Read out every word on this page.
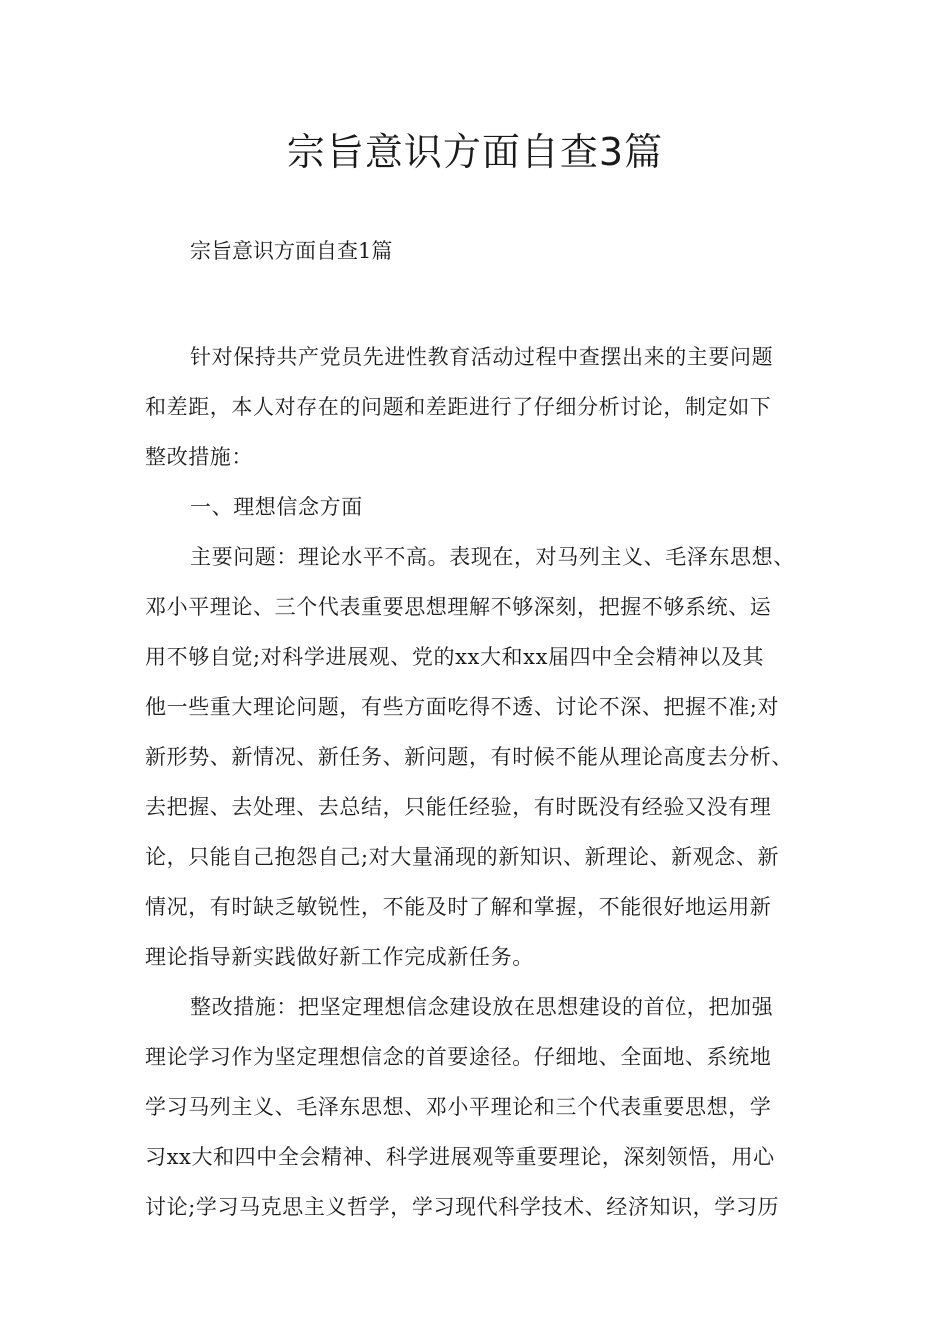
宗旨意识方面自查3篇

宗旨意识方面自查1篇

针对保持共产党员先进性教育活动过程中查摆出来的主要问题
和差距，本人对存在的问题和差距进行了仔细分析讨论，制定如下
整改措施：
一、理想信念方面
主要问题：理论水平不高。表现在，对马列主义、毛泽东思想、
邓小平理论、三个代表重要思想理解不够深刻，把握不够系统、运
用不够自觉;对科学进展观、党的xx大和xx届四中全会精神以及其
他一些重大理论问题，有些方面吃得不透、讨论不深、把握不准;对
新形势、新情况、新任务、新问题，有时候不能从理论高度去分析、
去把握、去处理、去总结，只能任经验，有时既没有经验又没有理
论，只能自己抱怨自己;对大量涌现的新知识、新理论、新观念、新
情况，有时缺乏敏锐性，不能及时了解和掌握，不能很好地运用新
理论指导新实践做好新工作完成新任务。
整改措施：把坚定理想信念建设放在思想建设的首位，把加强
理论学习作为坚定理想信念的首要途径。仔细地、全面地、系统地
学习马列主义、毛泽东思想、邓小平理论和三个代表重要思想，学
习xx大和四中全会精神、科学进展观等重要理论，深刻领悟，用心
讨论;学习马克思主义哲学，学习现代科学技术、经济知识，学习历
